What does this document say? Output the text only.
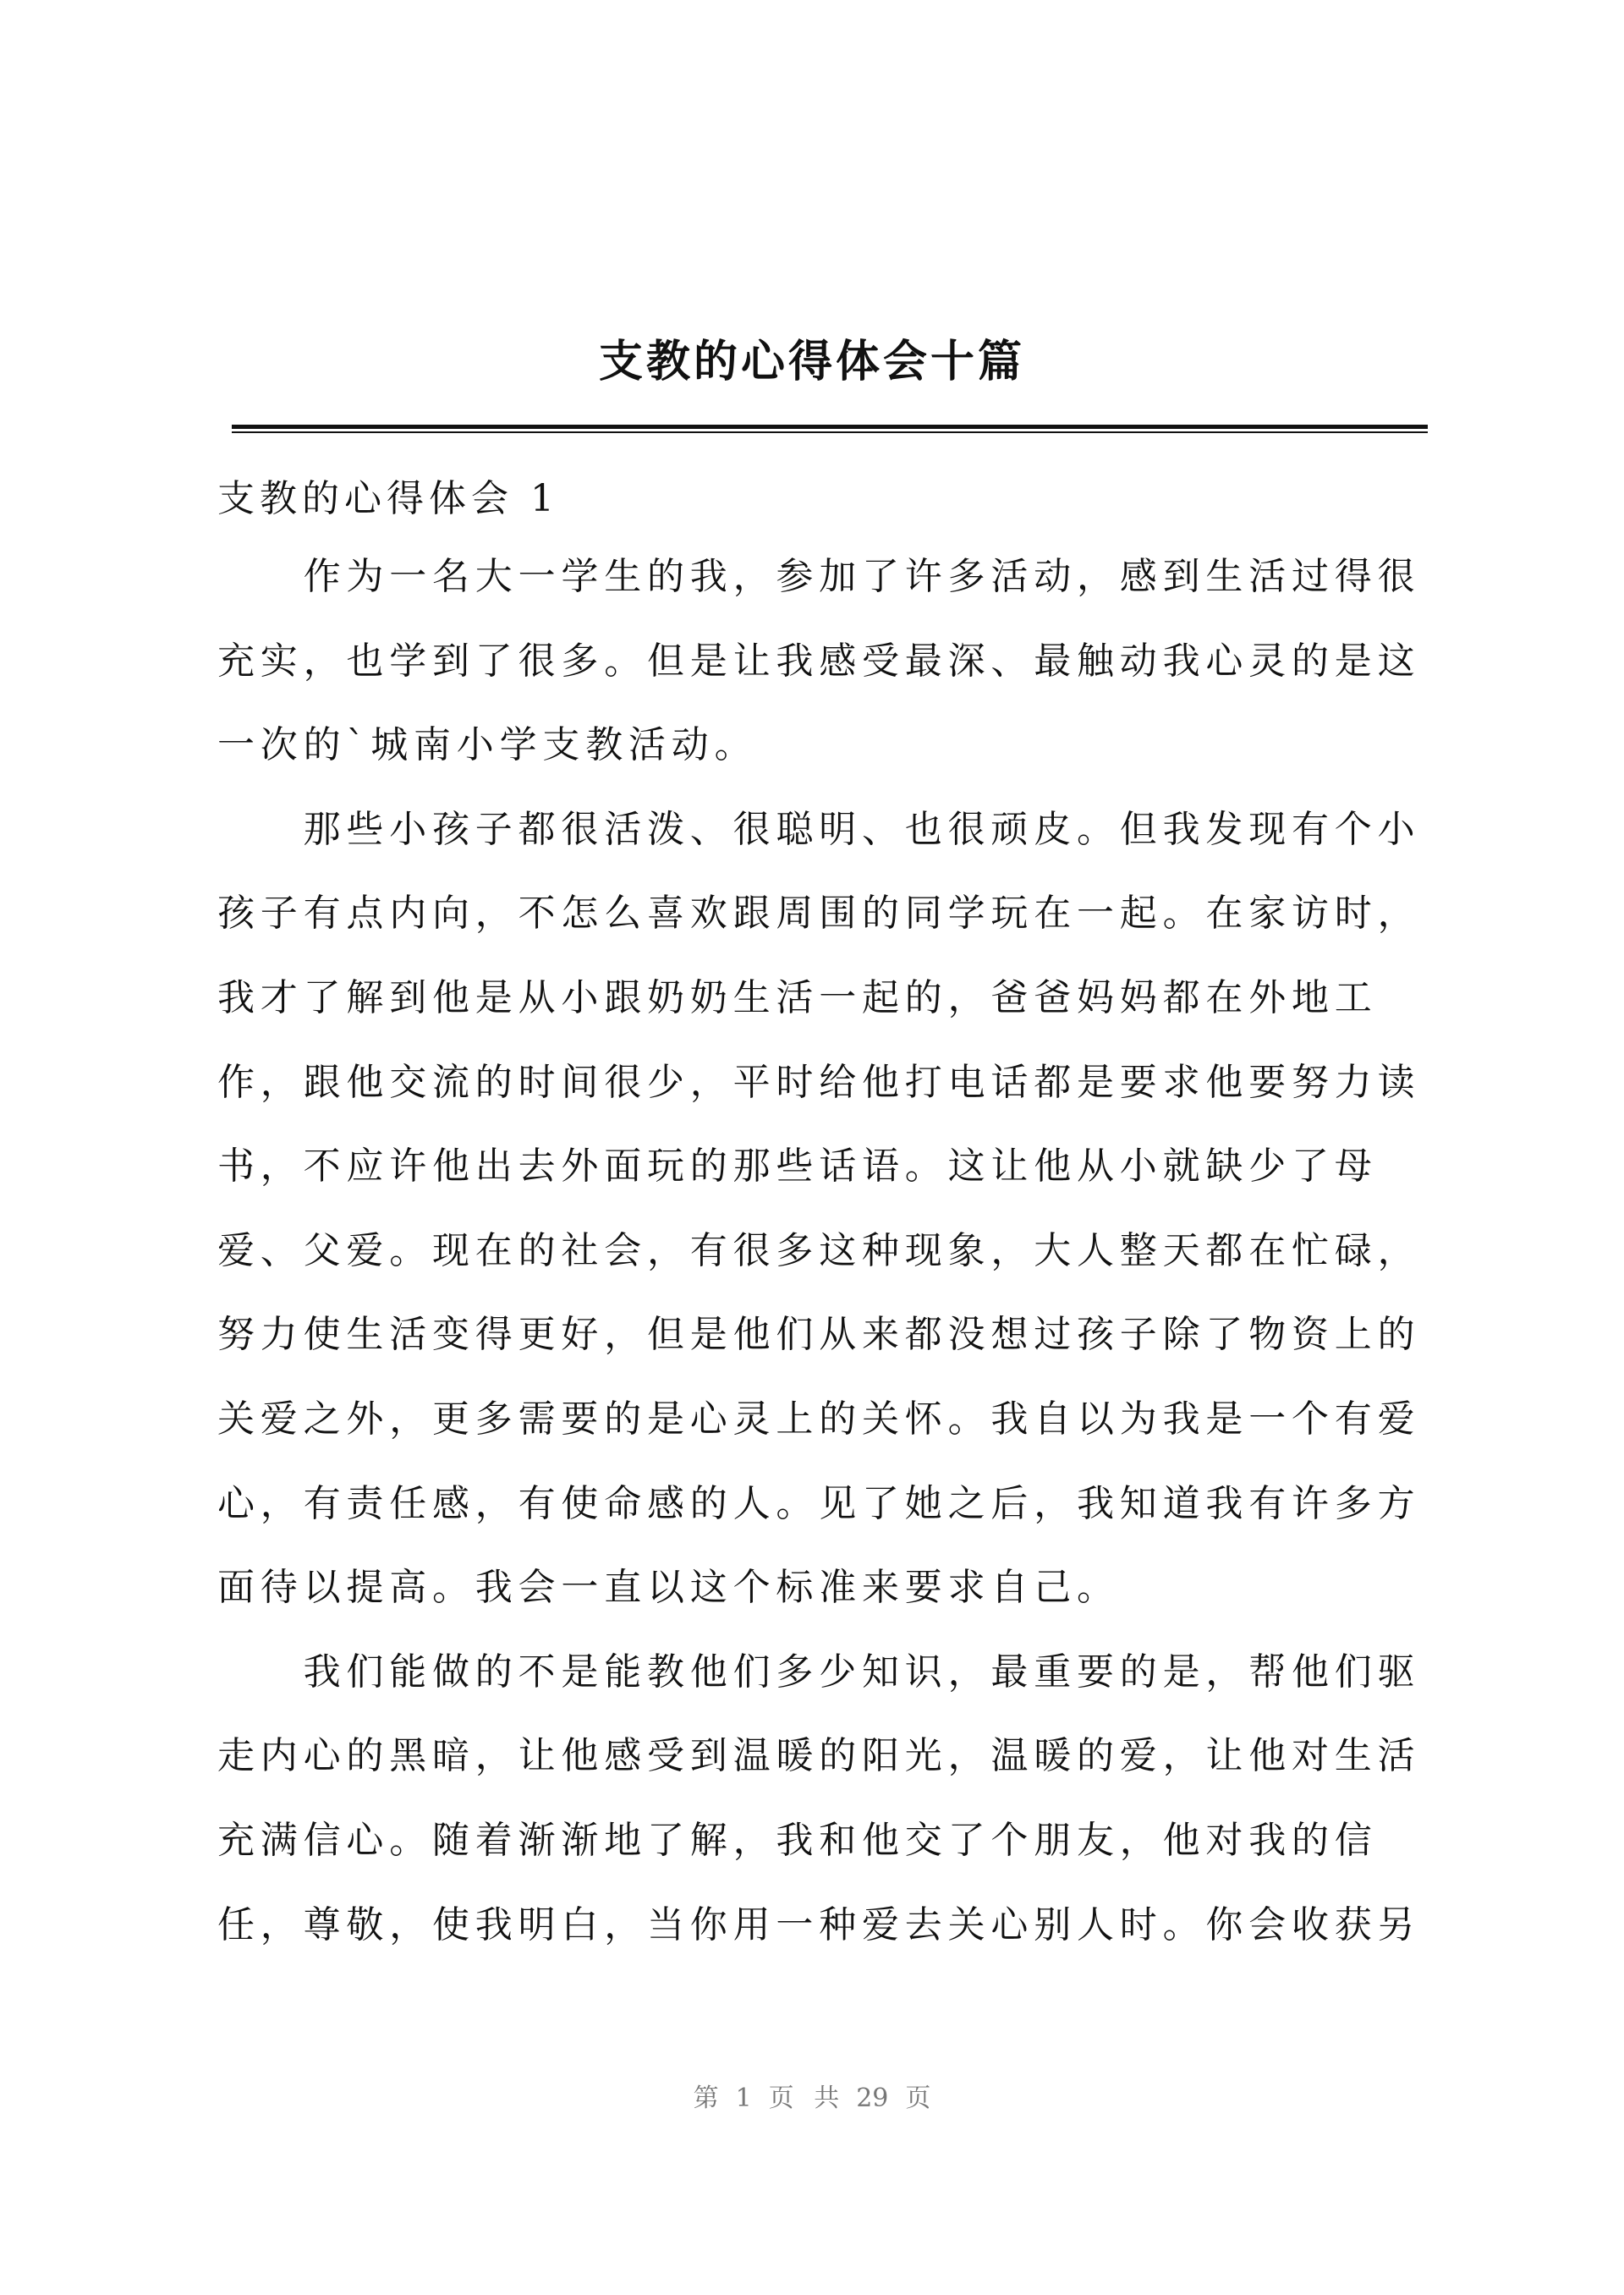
支教的心得体会十篇
支教的心得体会 1
作为一名大一学生的我，参加了许多活动，感到生活过得很
充实，也学到了很多。但是让我感受最深、最触动我心灵的是这
一次的`城南小学支教活动。
那些小孩子都很活泼、很聪明、也很顽皮。但我发现有个小
孩子有点内向，不怎么喜欢跟周围的同学玩在一起。在家访时，
我才了解到他是从小跟奶奶生活一起的，爸爸妈妈都在外地工
作，跟他交流的时间很少，平时给他打电话都是要求他要努力读
书，不应许他出去外面玩的那些话语。这让他从小就缺少了母
爱、父爱。现在的社会，有很多这种现象，大人整天都在忙碌，
努力使生活变得更好，但是他们从来都没想过孩子除了物资上的
关爱之外，更多需要的是心灵上的关怀。我自以为我是一个有爱
心，有责任感，有使命感的人。见了她之后，我知道我有许多方
面待以提高。我会一直以这个标准来要求自己。
我们能做的不是能教他们多少知识，最重要的是，帮他们驱
走内心的黑暗，让他感受到温暖的阳光，温暖的爱，让他对生活
充满信心。随着渐渐地了解，我和他交了个朋友，他对我的信
任，尊敬，使我明白，当你用一种爱去关心别人时。你会收获另
第 1 页 共 29 页
